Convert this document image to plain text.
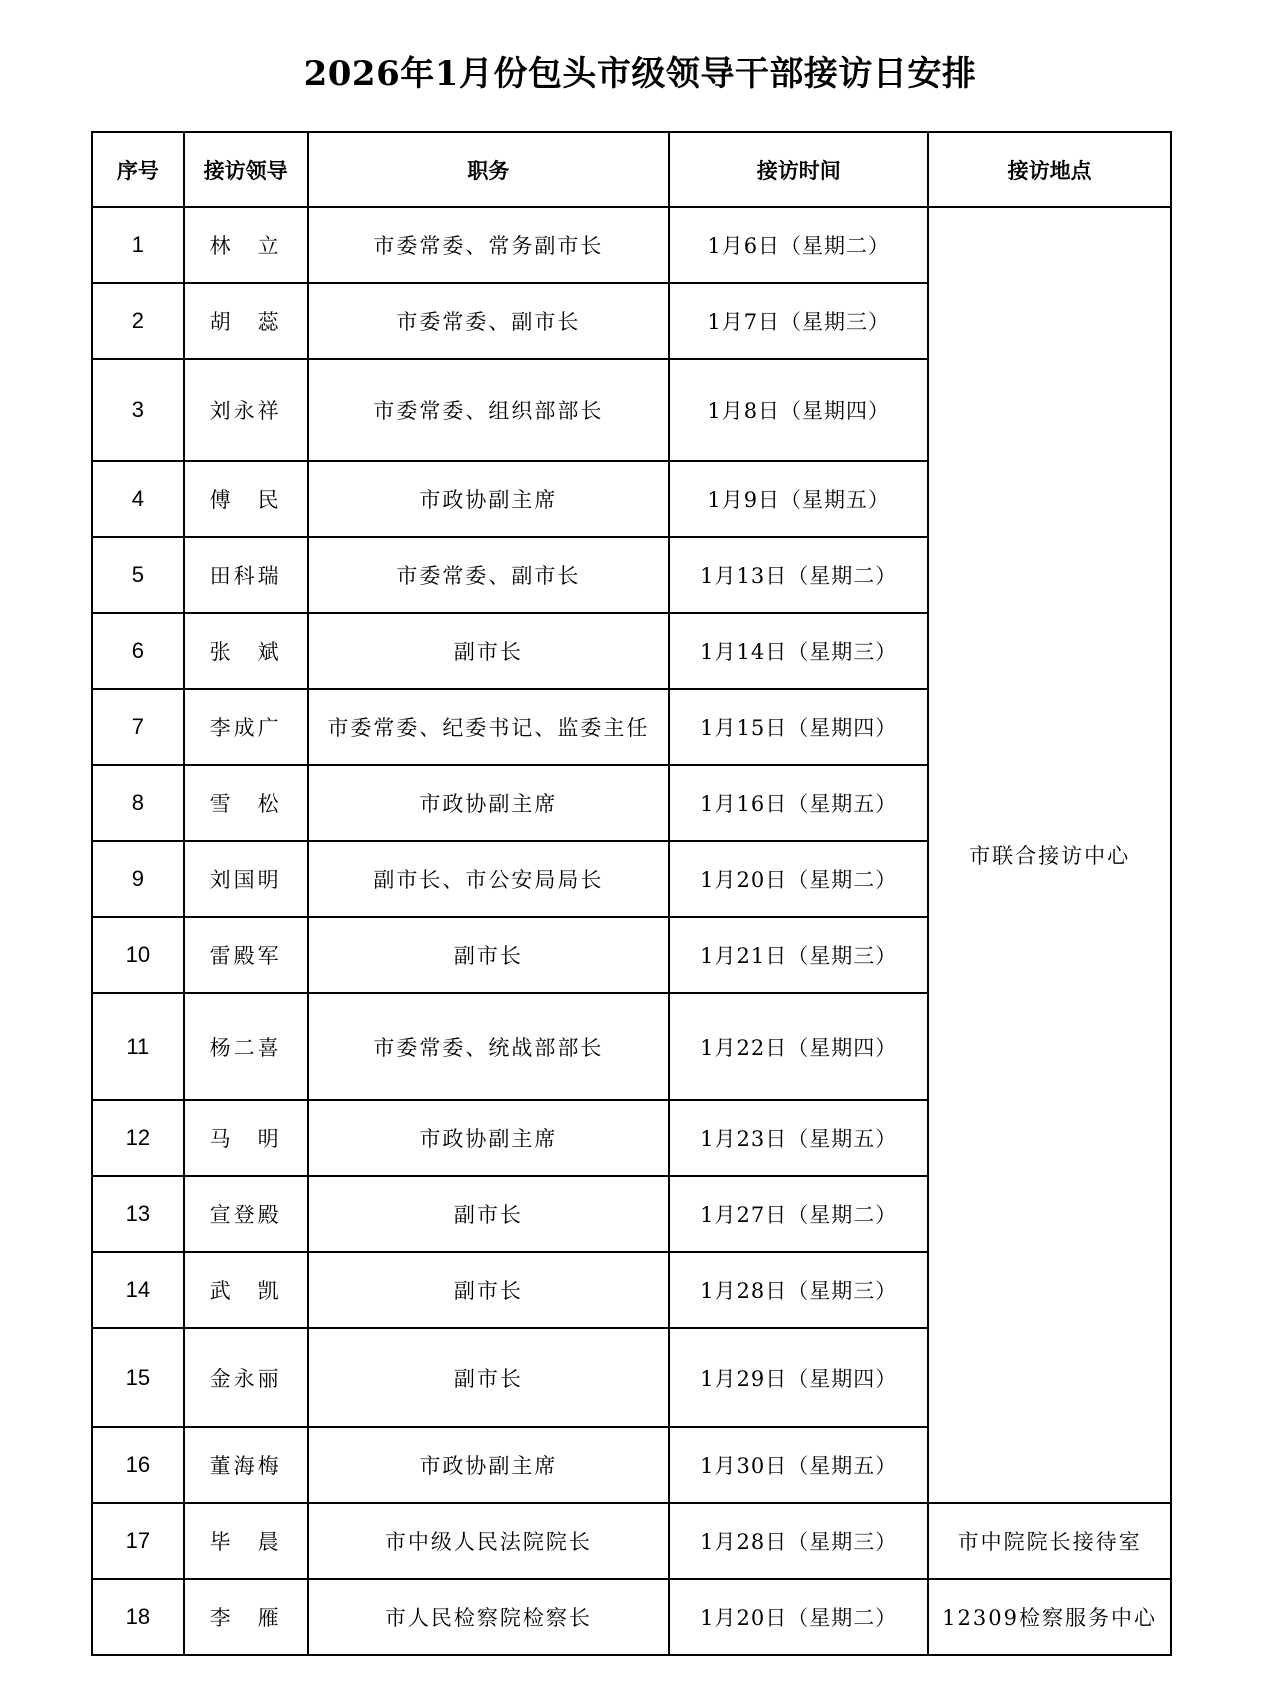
2026年1月份包头市级领导干部接访日安排
序号	接访领导	职务	接访时间	接访地点
1	林　立	市委常委、常务副市长	1月6日（星期二）	市联合接访中心
2	胡　蕊	市委常委、副市长	1月7日（星期三）	
3	刘永祥	市委常委、组织部部长	1月8日（星期四）	
4	傅　民	市政协副主席	1月9日（星期五）	
5	田科瑞	市委常委、副市长	1月13日（星期二）	
6	张　斌	副市长	1月14日（星期三）	
7	李成广	市委常委、纪委书记、监委主任	1月15日（星期四）	
8	雪　松	市政协副主席	1月16日（星期五）	
9	刘国明	副市长、市公安局局长	1月20日（星期二）	
10	雷殿军	副市长	1月21日（星期三）	
11	杨二喜	市委常委、统战部部长	1月22日（星期四）	
12	马　明	市政协副主席	1月23日（星期五）	
13	宣登殿	副市长	1月27日（星期二）	
14	武　凯	副市长	1月28日（星期三）	
15	金永丽	副市长	1月29日（星期四）	
16	董海梅	市政协副主席	1月30日（星期五）	
17	毕　晨	市中级人民法院院长	1月28日（星期三）	市中院院长接待室
18	李　雁	市人民检察院检察长	1月20日（星期二）	12309检察服务中心
